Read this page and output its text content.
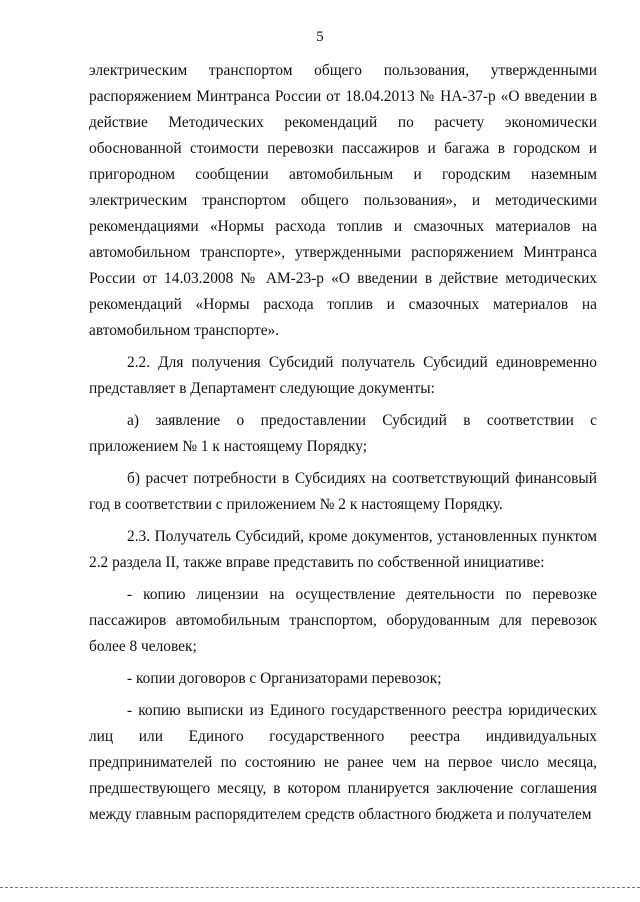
5

электрическим транспортом общего пользования, утвержденными распоряжением Минтранса России от 18.04.2013 № НА-37-р «О введении в действие Методических рекомендаций по расчету экономически обоснованной стоимости перевозки пассажиров и багажа в городском и пригородном сообщении автомобильным и городским наземным электрическим транспортом общего пользования», и методическими рекомендациями «Нормы расхода топлив и смазочных материалов на автомобильном транспорте», утвержденными распоряжением Минтранса России от 14.03.2008 № АМ-23-р «О введении в действие методических рекомендаций «Нормы расхода топлив и смазочных материалов на автомобильном транспорте».

2.2. Для получения Субсидий получатель Субсидий единовременно представляет в Департамент следующие документы:

а) заявление о предоставлении Субсидий в соответствии с приложением № 1 к настоящему Порядку;

б) расчет потребности в Субсидиях на соответствующий финансовый год в соответствии с приложением № 2 к настоящему Порядку.

2.3. Получатель Субсидий, кроме документов, установленных пунктом 2.2 раздела II, также вправе представить по собственной инициативе:

- копию лицензии на осуществление деятельности по перевозке пассажиров автомобильным транспортом, оборудованным для перевозок более 8 человек;

- копии договоров с Организаторами перевозок;

- копию выписки из Единого государственного реестра юридических лиц или Единого государственного реестра индивидуальных предпринимателей по состоянию не ранее чем на первое число месяца, предшествующего месяцу, в котором планируется заключение соглашения между главным распорядителем средств областного бюджета и получателем
